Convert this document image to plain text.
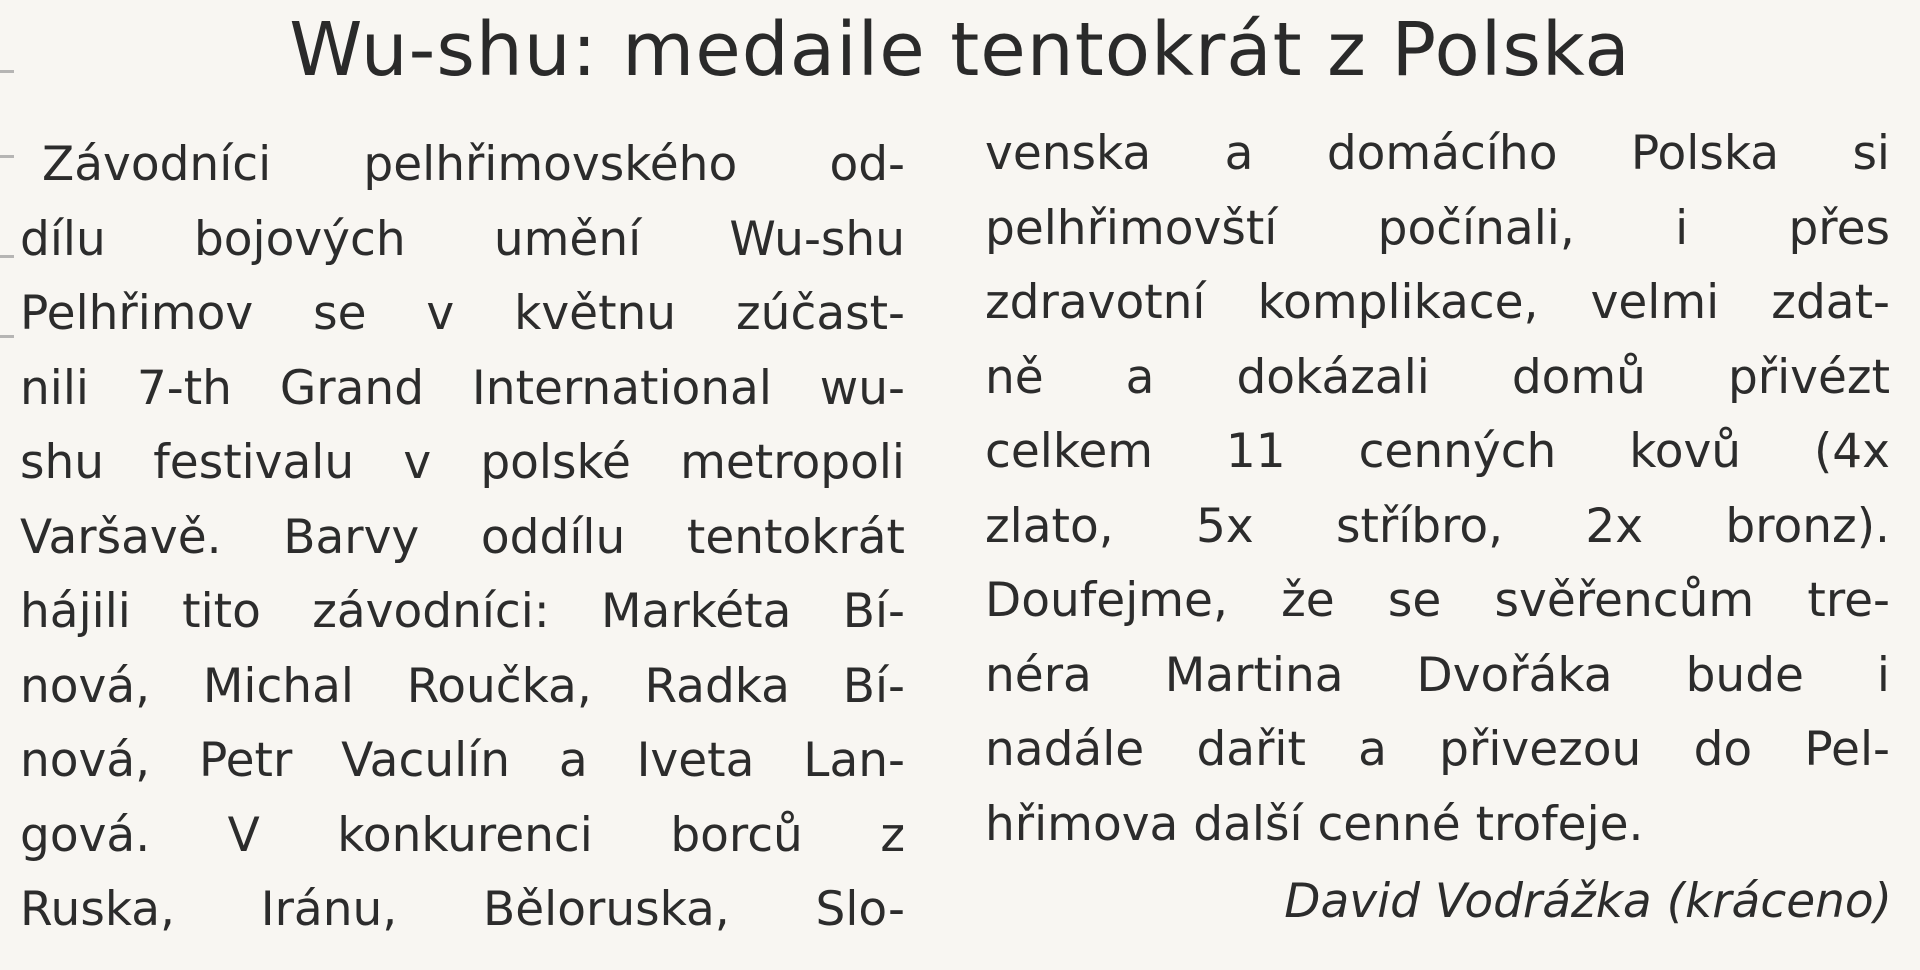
Wu-shu: medaile tentokrát z Polska
Závodníci pelhřimovského od-
dílu bojových umění Wu-shu
Pelhřimov se v květnu zúčast-
nili 7-th Grand International wu-
shu festivalu v polské metropoli
Varšavě. Barvy oddílu tentokrát
hájili tito závodníci: Markéta Bí-
nová, Michal Roučka, Radka Bí-
nová, Petr Vaculín a Iveta Lan-
gová. V konkurenci borců z
Ruska, Iránu, Běloruska, Slo-
venska a domácího Polska si
pelhřimovští počínali, i přes
zdravotní komplikace, velmi zdat-
ně a dokázali domů přivézt
celkem 11 cenných kovů (4x
zlato, 5x stříbro, 2x bronz).
Doufejme, že se svěřencům tre-
néra Martina Dvořáka bude i
nadále dařit a přivezou do Pel-
hřimova další cenné trofeje.
David Vodrážka (kráceno)
